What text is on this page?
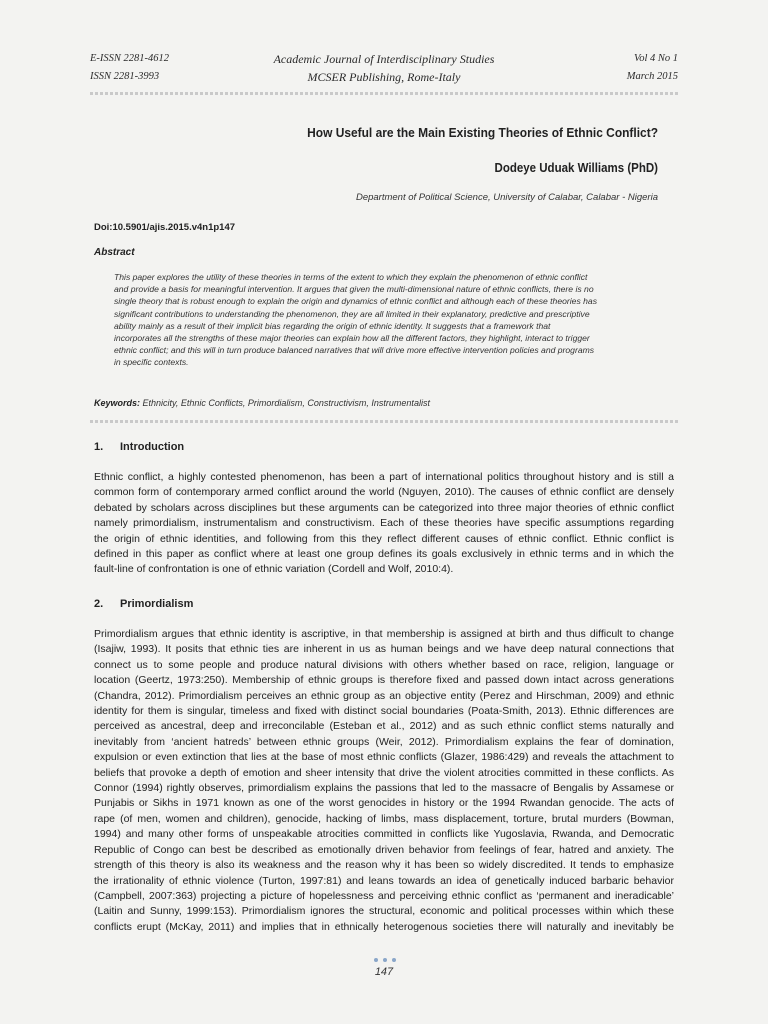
E-ISSN 2281-4612
ISSN 2281-3993
Academic Journal of Interdisciplinary Studies
MCSER Publishing, Rome-Italy
Vol 4 No 1
March 2015
How Useful are the Main Existing Theories of Ethnic Conflict?
Dodeye Uduak Williams (PhD)
Department of Political Science, University of Calabar, Calabar - Nigeria
Doi:10.5901/ajis.2015.v4n1p147
Abstract
This paper explores the utility of these theories in terms of the extent to which they explain the phenomenon of ethnic conflict
and provide a basis for meaningful intervention. It argues that given the multi-dimensional nature of ethnic conflicts, there is no
single theory that is robust enough to explain the origin and dynamics of ethnic conflict and although each of these theories has
significant contributions to understanding the phenomenon, they are all limited in their explanatory, predictive and prescriptive
ability mainly as a result of their implicit bias regarding the origin of ethnic identity. It suggests that a framework that
incorporates all the strengths of these major theories can explain how all the different factors, they highlight, interact to trigger
ethnic conflict; and this will in turn produce balanced narratives that will drive more effective intervention policies and programs
in specific contexts.
Keywords: Ethnicity, Ethnic Conflicts, Primordialism, Constructivism, Instrumentalist
1. Introduction
Ethnic conflict, a highly contested phenomenon, has been a part of international politics throughout history and is still a
common form of contemporary armed conflict around the world (Nguyen, 2010). The causes of ethnic conflict are densely
debated by scholars across disciplines but these arguments can be categorized into three major theories of ethnic conflict
namely primordialism, instrumentalism and constructivism. Each of these theories have specific assumptions regarding
the origin of ethnic identities, and following from this they reflect different causes of ethnic conflict. Ethnic conflict is
defined in this paper as conflict where at least one group defines its goals exclusively in ethnic terms and in which the
fault-line of confrontation is one of ethnic variation (Cordell and Wolf, 2010:4).
2. Primordialism
Primordialism argues that ethnic identity is ascriptive, in that membership is assigned at birth and thus difficult to change
(Isajiw, 1993). It posits that ethnic ties are inherent in us as human beings and we have deep natural connections that
connect us to some people and produce natural divisions with others whether based on race, religion, language or
location (Geertz, 1973:250). Membership of ethnic groups is therefore fixed and passed down intact across generations
(Chandra, 2012). Primordialism perceives an ethnic group as an objective entity (Perez and Hirschman, 2009) and ethnic
identity for them is singular, timeless and fixed with distinct social boundaries (Poata-Smith, 2013). Ethnic differences are
perceived as ancestral, deep and irreconcilable (Esteban et al., 2012) and as such ethnic conflict stems naturally and
inevitably from ‘ancient hatreds’ between ethnic groups (Weir, 2012). Primordialism explains the fear of domination,
expulsion or even extinction that lies at the base of most ethnic conflicts (Glazer, 1986:429) and reveals the attachment to
beliefs that provoke a depth of emotion and sheer intensity that drive the violent atrocities committed in these conflicts. As
Connor (1994) rightly observes, primordialism explains the passions that led to the massacre of Bengalis by Assamese or
Punjabis or Sikhs in 1971 known as one of the worst genocides in history or the 1994 Rwandan genocide. The acts of
rape (of men, women and children), genocide, hacking of limbs, mass displacement, torture, brutal murders (Bowman,
1994) and many other forms of unspeakable atrocities committed in conflicts like Yugoslavia, Rwanda, and Democratic
Republic of Congo can best be described as emotionally driven behavior from feelings of fear, hatred and anxiety. The
strength of this theory is also its weakness and the reason why it has been so widely discredited. It tends to emphasize
the irrationality of ethnic violence (Turton, 1997:81) and leans towards an idea of genetically induced barbaric behavior
(Campbell, 2007:363) projecting a picture of hopelessness and perceiving ethnic conflict as ‘permanent and ineradicable’
(Laitin and Sunny, 1999:153). Primordialism ignores the structural, economic and political processes within which these
conflicts erupt (McKay, 2011) and implies that in ethnically heterogenous societies there will naturally and inevitably be
147
